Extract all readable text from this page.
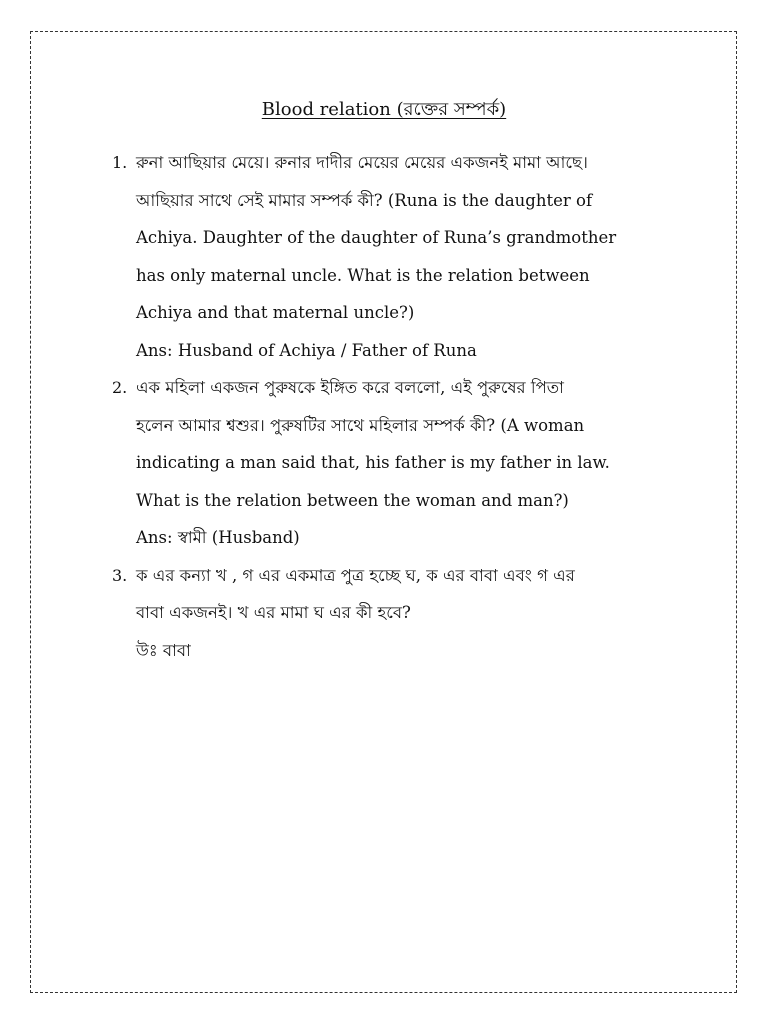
Blood relation (রক্তের সম্পর্ক)
1. রুনা আছিয়ার মেয়ে। রুনার দাদীর মেয়ের মেয়ের একজনই মামা আছে।
আছিয়ার সাথে সেই মামার সম্পর্ক কী? (Runa is the daughter of
Achiya. Daughter of the daughter of Runa’s grandmother
has only maternal uncle. What is the relation between
Achiya and that maternal uncle?)
Ans: Husband of Achiya / Father of Runa
2. এক মহিলা একজন পুরুষকে ইঙ্গিত করে বললো, এই পুরুষের পিতা
হলেন আমার শ্বশুর। পুরুষটির সাথে মহিলার সম্পর্ক কী? (A woman
indicating a man said that, his father is my father in law.
What is the relation between the woman and man?)
Ans: স্বামী (Husband)
3. ক এর কন্যা খ , গ এর একমাত্র পুত্র হচ্ছে ঘ, ক এর বাবা এবং গ এর
বাবা একজনই। খ এর মামা ঘ এর কী হবে?
উঃ বাবা
